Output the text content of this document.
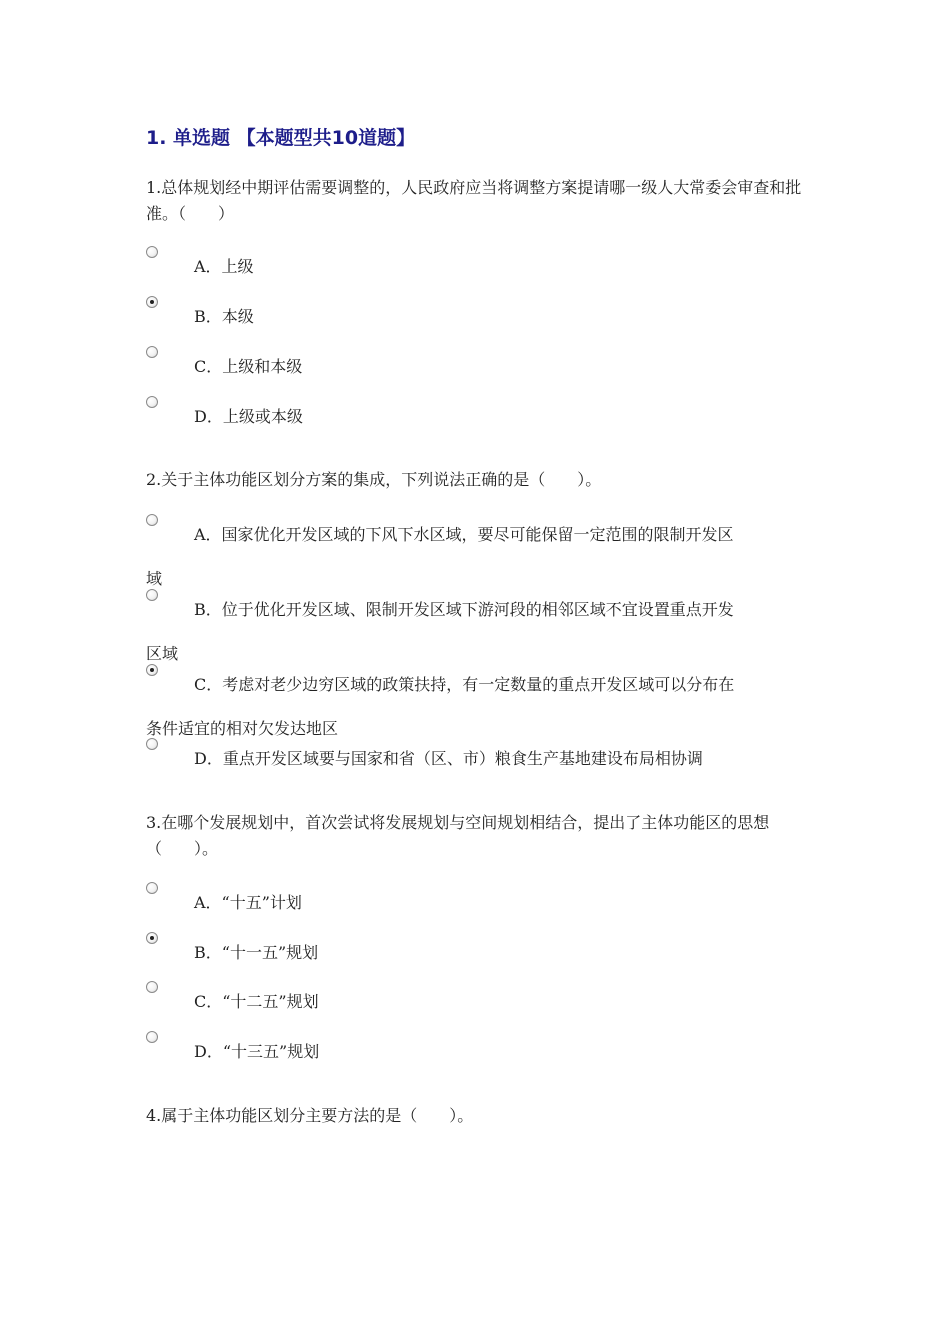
1. 单选题 【本题型共10道题】

1.总体规划经中期评估需要调整的，人民政府应当将调整方案提请哪一级人大常委会审查和批准。（　　）

A．上级
B．本级
C．上级和本级
D．上级或本级

2.关于主体功能区划分方案的集成，下列说法正确的是（　　）。

A．国家优化开发区域的下风下水区域，要尽可能保留一定范围的限制开发区
域
B．位于优化开发区域、限制开发区域下游河段的相邻区域不宜设置重点开发
区域
C．考虑对老少边穷区域的政策扶持，有一定数量的重点开发区域可以分布在
条件适宜的相对欠发达地区
D．重点开发区域要与国家和省（区、市）粮食生产基地建设布局相协调

3.在哪个发展规划中，首次尝试将发展规划与空间规划相结合，提出了主体功能区的思想（　　）。

A．“十五”计划
B．“十一五”规划
C．“十二五”规划
D．“十三五”规划

4.属于主体功能区划分主要方法的是（　　）。
